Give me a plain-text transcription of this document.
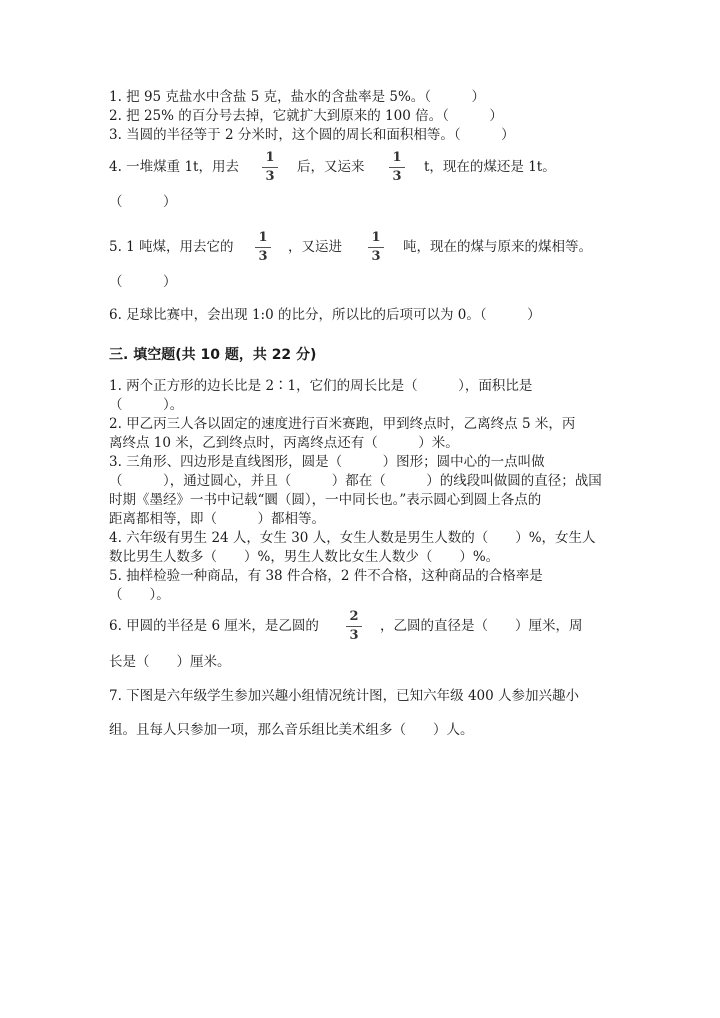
1. 把 95 克盐水中含盐 5 克，盐水的含盐率是 5%。（　　　）
2. 把 25% 的百分号去掉，它就扩大到原来的 100 倍。（　　　）
3. 当圆的半径等于 2 分米时，这个圆的周长和面积相等。（　　　）
4. 一堆煤重 1t，用去
1
3
后，又运来
1
3
t，现在的煤还是 1t。
（　　　）
5. 1 吨煤，用去它的
1
3
，又运进
1
3
吨，现在的煤与原来的煤相等。
（　　　）
6. 足球比赛中，会出现 1:0 的比分，所以比的后项可以为 0。（　　　）
三. 填空题(共 10 题，共 22 分)
1. 两个正方形的边长比是 2∶1，它们的周长比是（　　　），面积比是
（　　　）。
2. 甲乙丙三人各以固定的速度进行百米赛跑，甲到终点时，乙离终点 5 米，丙
离终点 10 米，乙到终点时，丙离终点还有（　　　）米。
3. 三角形、四边形是直线图形，圆是（　　　）图形；圆中心的一点叫做
（　　　），通过圆心，并且（　　　）都在（　　　）的线段叫做圆的直径；战国
时期《墨经》一书中记载“圜（圆），一中同长也。”表示圆心到圆上各点的
距离都相等，即（　　　）都相等。
4. 六年级有男生 24 人，女生 30 人，女生人数是男生人数的（　　）%，女生人
数比男生人数多（　　）%，男生人数比女生人数少（　　）%。
5. 抽样检验一种商品，有 38 件合格，2 件不合格，这种商品的合格率是
（　　）。
6. 甲圆的半径是 6 厘米，是乙圆的
2
3
，乙圆的直径是（　　）厘米，周
长是（　　）厘米。
7. 下图是六年级学生参加兴趣小组情况统计图，已知六年级 400 人参加兴趣小
组。且每人只参加一项，那么音乐组比美术组多（　　）人。
